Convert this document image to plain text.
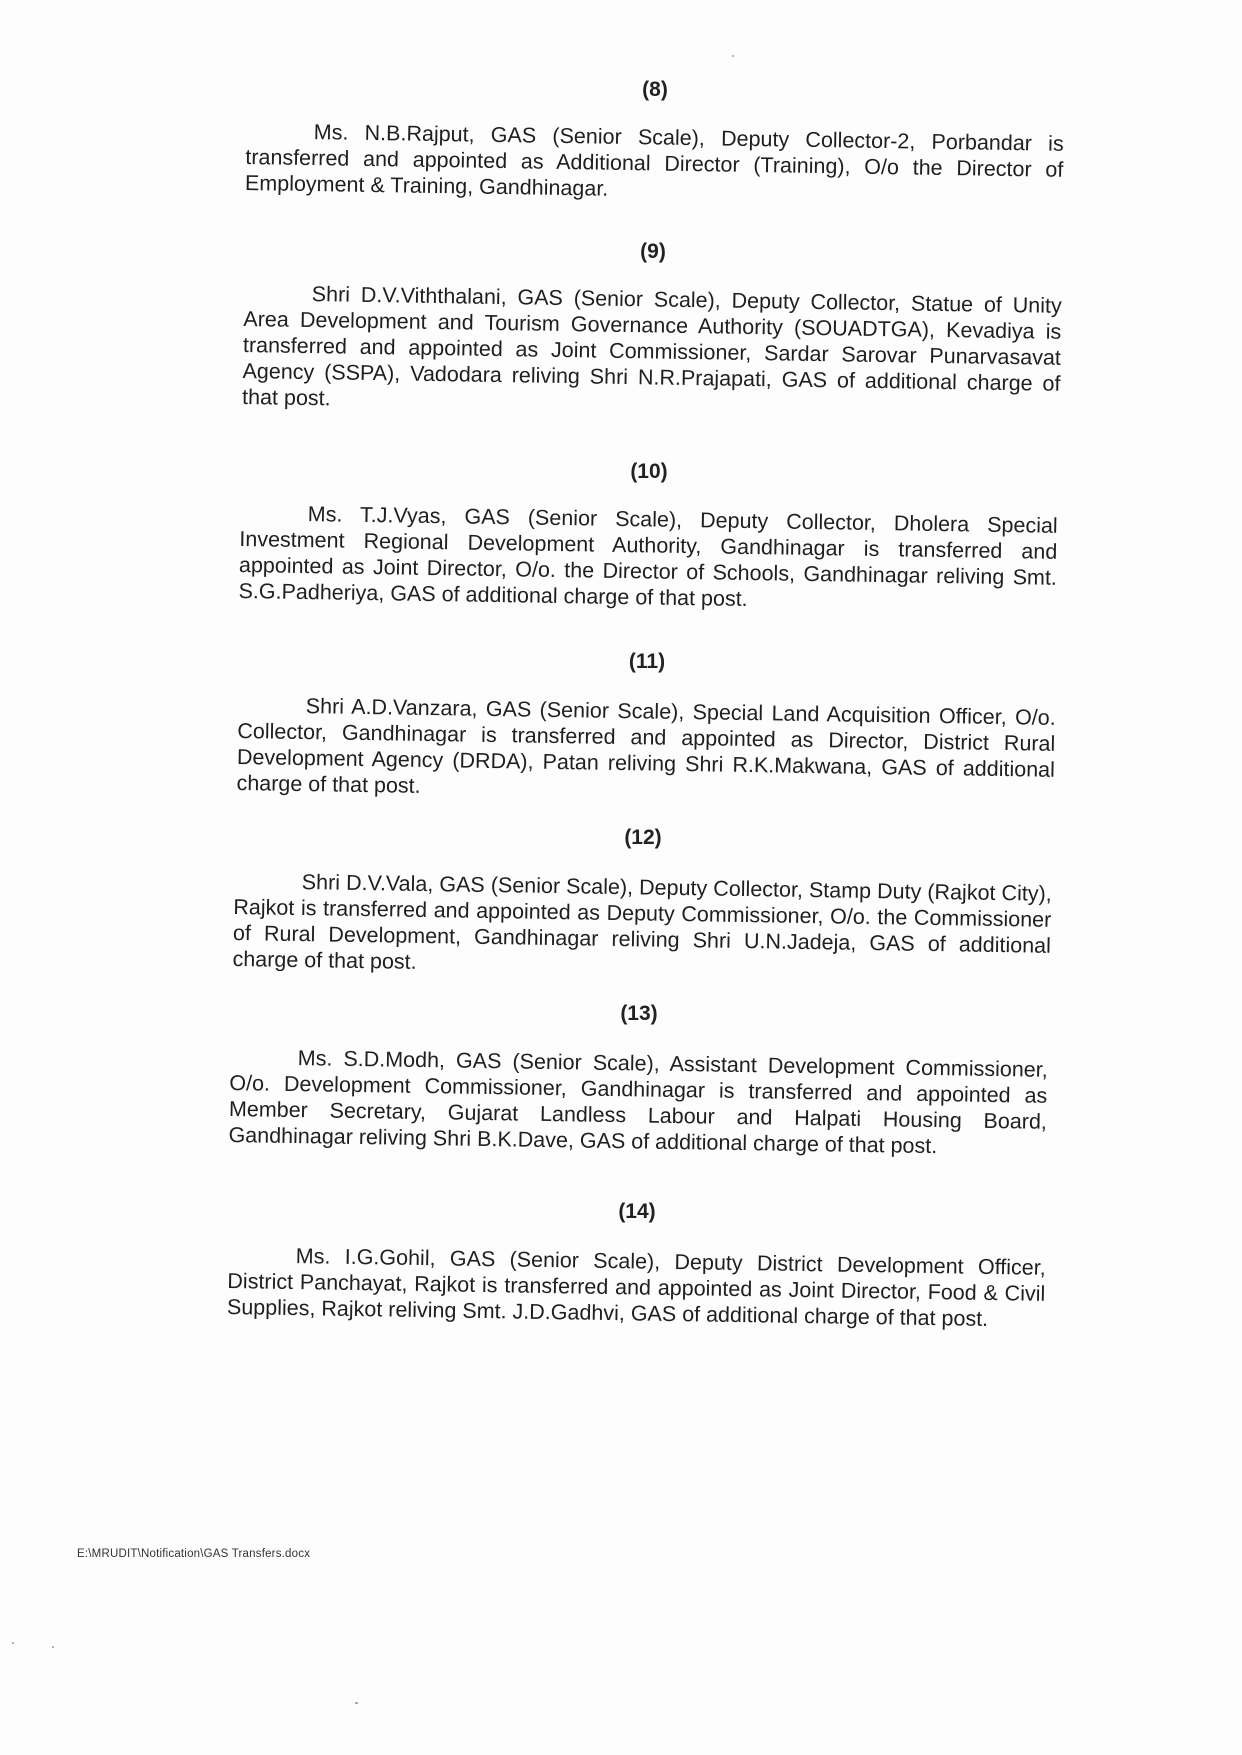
(8)
Ms. N.B.Rajput, GAS (Senior Scale), Deputy Collector-2, Porbandar is transferred and appointed as Additional Director (Training), O/o the Director of Employment & Training, Gandhinagar.
(9)
Shri D.V.Viththalani, GAS (Senior Scale), Deputy Collector, Statue of Unity Area Development and Tourism Governance Authority (SOUADTGA), Kevadiya is transferred and appointed as Joint Commissioner, Sardar Sarovar Punarvasavat Agency (SSPA), Vadodara reliving Shri N.R.Prajapati, GAS of additional charge of that post.
(10)
Ms. T.J.Vyas, GAS (Senior Scale), Deputy Collector, Dholera Special Investment Regional Development Authority, Gandhinagar is transferred and appointed as Joint Director, O/o. the Director of Schools, Gandhinagar reliving Smt. S.G.Padheriya, GAS of additional charge of that post.
(11)
Shri A.D.Vanzara, GAS (Senior Scale), Special Land Acquisition Officer, O/o. Collector, Gandhinagar is transferred and appointed as Director, District Rural Development Agency (DRDA), Patan reliving Shri R.K.Makwana, GAS of additional charge of that post.
(12)
Shri D.V.Vala, GAS (Senior Scale), Deputy Collector, Stamp Duty (Rajkot City), Rajkot is transferred and appointed as Deputy Commissioner, O/o. the Commissioner of Rural Development, Gandhinagar reliving Shri U.N.Jadeja, GAS of additional charge of that post.
(13)
Ms. S.D.Modh, GAS (Senior Scale), Assistant Development Commissioner, O/o. Development Commissioner, Gandhinagar is transferred and appointed as Member Secretary, Gujarat Landless Labour and Halpati Housing Board, Gandhinagar reliving Shri B.K.Dave, GAS of additional charge of that post.
(14)
Ms. I.G.Gohil, GAS (Senior Scale), Deputy District Development Officer, District Panchayat, Rajkot is transferred and appointed as Joint Director, Food & Civil Supplies, Rajkot reliving Smt. J.D.Gadhvi, GAS of additional charge of that post.
E:\MRUDIT\Notification\GAS Transfers.docx
